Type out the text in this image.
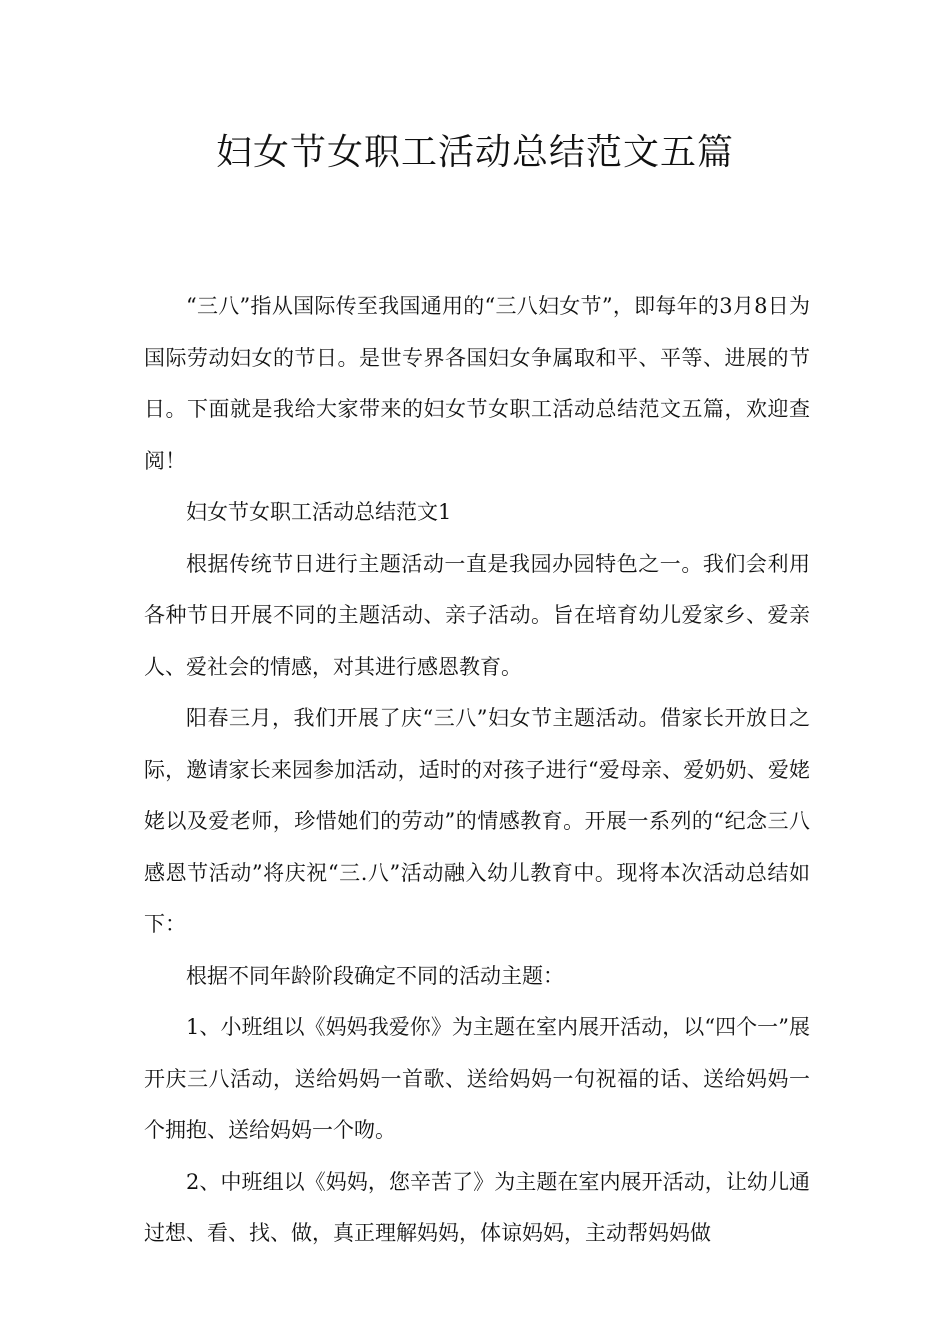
妇女节女职工活动总结范文五篇

“三八”指从国际传至我国通用的“三八妇女节”，即每年的3月8日为国际劳动妇女的节日。是世专界各国妇女争属取和平、平等、进展的节日。下面就是我给大家带来的妇女节女职工活动总结范文五篇，欢迎查阅！

妇女节女职工活动总结范文1

根据传统节日进行主题活动一直是我园办园特色之一。我们会利用各种节日开展不同的主题活动、亲子活动。旨在培育幼儿爱家乡、爱亲人、爱社会的情感，对其进行感恩教育。

阳春三月，我们开展了庆“三八”妇女节主题活动。借家长开放日之际，邀请家长来园参加活动，适时的对孩子进行“爱母亲、爱奶奶、爱姥姥以及爱老师，珍惜她们的劳动”的情感教育。开展一系列的“纪念三八感恩节活动”将庆祝“三.八”活动融入幼儿教育中。现将本次活动总结如下：

根据不同年龄阶段确定不同的活动主题：

1、小班组以《妈妈我爱你》为主题在室内展开活动，以“四个一”展开庆三八活动，送给妈妈一首歌、送给妈妈一句祝福的话、送给妈妈一个拥抱、送给妈妈一个吻。

2、中班组以《妈妈，您辛苦了》为主题在室内展开活动，让幼儿通过想、看、找、做，真正理解妈妈，体谅妈妈，主动帮妈妈做
